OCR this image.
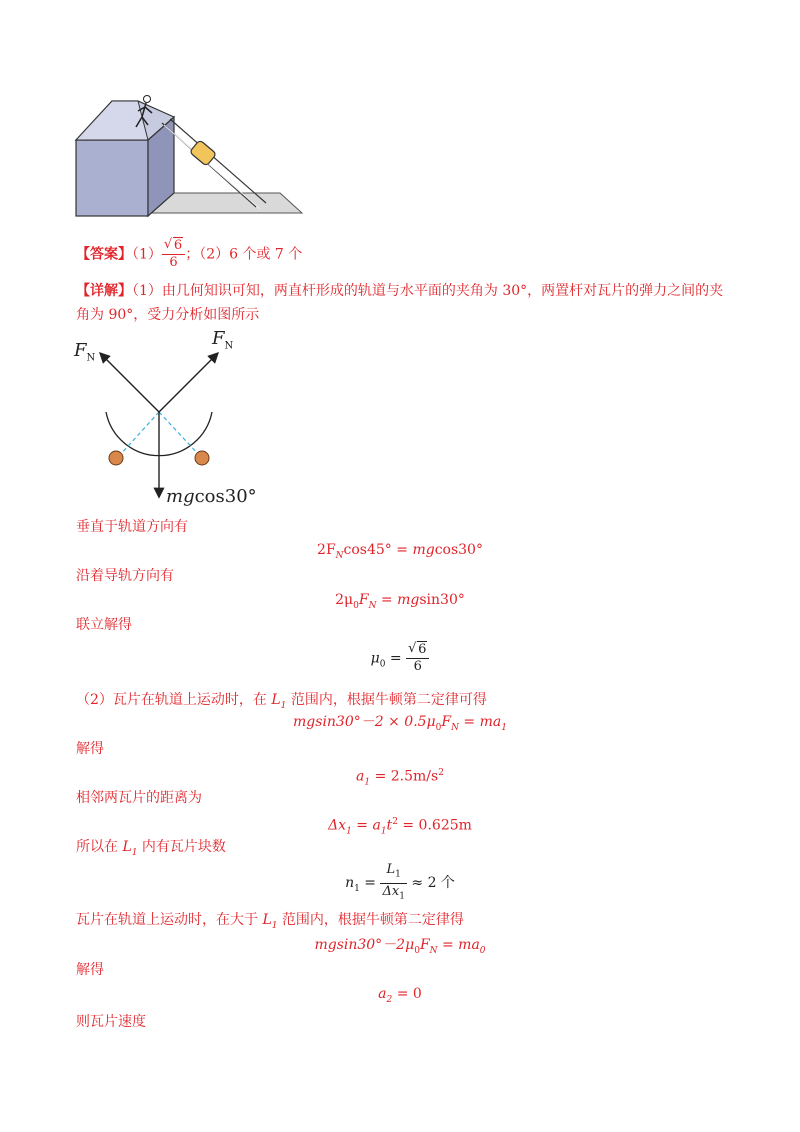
【答案】（1） √ $\frac{6}{6}$ ；（2）6 个或 7 个
【详解】（1）由几何知识可知，两直杆形成的轨道与水平面的夹角为 30°，两置杆对瓦片的弹力之间的夹
角为 90°，受力分析如图所示
$F_N$
$F_N$
mgcos30°
垂直于轨道方向有
$2F_N\cos 45^\circ = mgcos30^\circ$
沿着导轨方向有
$2\mu_0F_N = mgsin30^\circ$
联立解得
$\mu_0$ = √ $\frac{6}{6}$
（2）瓦片在轨道上运动时，在 $L_1$ 范围内，根据牛顿第二定律可得
$mgsin30^\circ-2 \times 0.5\mu_0F_N = ma_1$
解得
$a_1 = 2.5m/s^2$
相邻两瓦片的距离为
$\Delta x_1 = a_1t^2 = 0.625m$
所以在 $L_1$ 内有瓦片块数
$n_1 = \frac{L_1}{\Delta x_1} \approx 2$ 个
瓦片在轨道上运动时，在大于 $L_1$ 范围内，根据牛顿第二定律得
$mgsin30^\circ-2\mu_0F_N = ma_0$
解得
$a_2 = 0$
则瓦片速度
